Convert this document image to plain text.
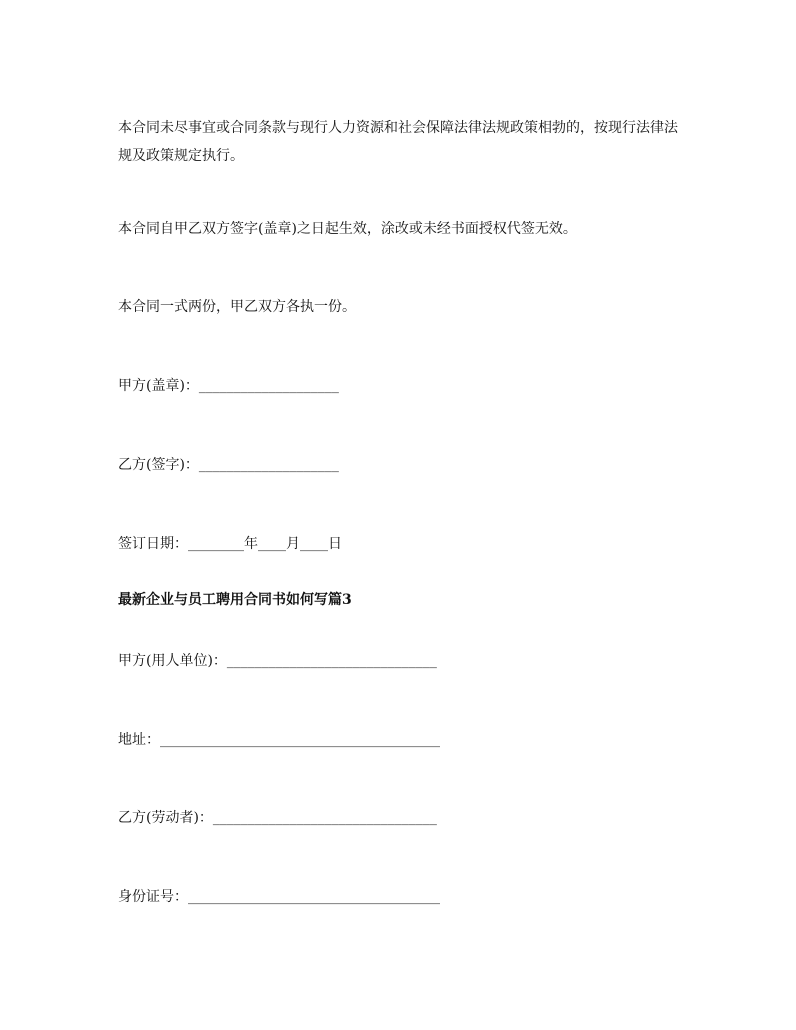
本合同未尽事宜或合同条款与现行人力资源和社会保障法律法规政策相勃的，按现行法律法规及政策规定执行。
本合同自甲乙双方签字(盖章)之日起生效，涂改或未经书面授权代签无效。
本合同一式两份，甲乙双方各执一份。
甲方(盖章)：____________________
乙方(签字)：____________________
签订日期：________年____月____日
最新企业与员工聘用合同书如何写篇3
甲方(用人单位)：______________________________
地址：________________________________________
乙方(劳动者)：________________________________
身份证号：____________________________________
